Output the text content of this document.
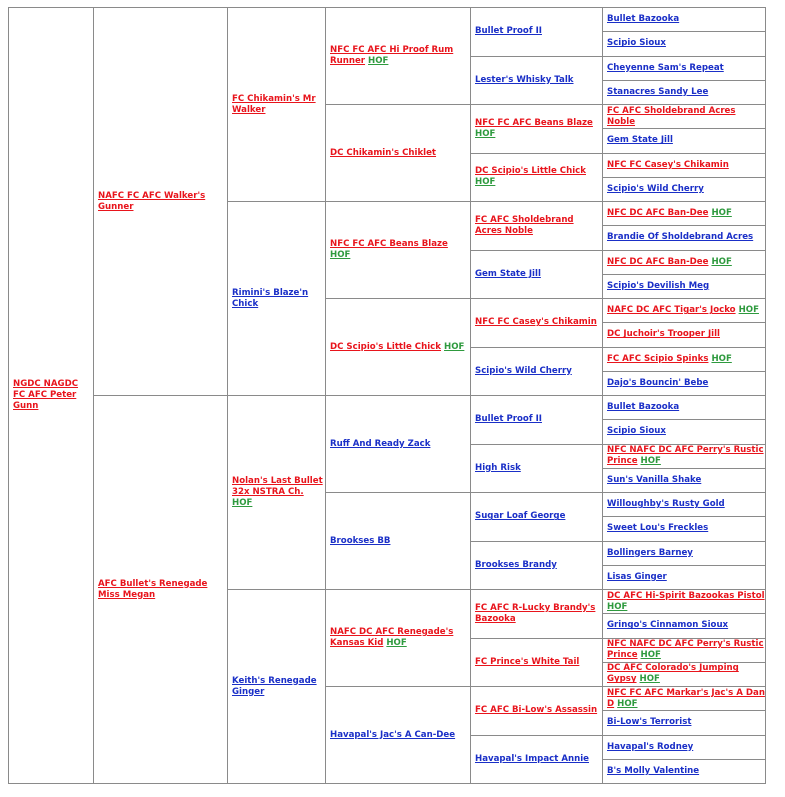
NGDC NAGDC FC AFC Peter Gunn	NAFC FC AFC Walker's Gunner	FC Chikamin's Mr Walker	NFC FC AFC Hi Proof Rum Runner HOF	Bullet Proof II	Bullet Bazooka
					Scipio Sioux
				Lester's Whisky Talk	Cheyenne Sam's Repeat
					Stanacres Sandy Lee
			DC Chikamin's Chiklet	NFC FC AFC Beans Blaze HOF	FC AFC Sholdebrand Acres Noble
					Gem State Jill
				DC Scipio's Little Chick HOF	NFC FC Casey's Chikamin
					Scipio's Wild Cherry
		Rimini's Blaze'n Chick	NFC FC AFC Beans Blaze HOF	FC AFC Sholdebrand Acres Noble	NFC DC AFC Ban-Dee HOF
					Brandie Of Sholdebrand Acres
				Gem State Jill	NFC DC AFC Ban-Dee HOF
					Scipio's Devilish Meg
			DC Scipio's Little Chick HOF	NFC FC Casey's Chikamin	NAFC DC AFC Tigar's Jocko HOF
					DC Juchoir's Trooper Jill
				Scipio's Wild Cherry	FC AFC Scipio Spinks HOF
					Dajo's Bouncin' Bebe
	AFC Bullet's Renegade Miss Megan	Nolan's Last Bullet 32x NSTRA Ch. HOF	Ruff And Ready Zack	Bullet Proof II	Bullet Bazooka
					Scipio Sioux
				High Risk	NFC NAFC DC AFC Perry's Rustic Prince HOF
					Sun's Vanilla Shake
			Brookses BB	Sugar Loaf George	Willoughby's Rusty Gold
					Sweet Lou's Freckles
				Brookses Brandy	Bollingers Barney
					Lisas Ginger
		Keith's Renegade Ginger	NAFC DC AFC Renegade's Kansas Kid HOF	FC AFC R-Lucky Brandy's Bazooka	DC AFC Hi-Spirit Bazookas Pistol HOF
					Gringo's Cinnamon Sioux
				FC Prince's White Tail	NFC NAFC DC AFC Perry's Rustic Prince HOF
					DC AFC Colorado's Jumping Gypsy HOF
			Havapal's Jac's A Can-Dee	FC AFC Bi-Low's Assassin	NFC FC AFC Markar's Jac's A Dan D HOF
					Bi-Low's Terrorist
				Havapal's Impact Annie	Havapal's Rodney
					B's Molly Valentine
